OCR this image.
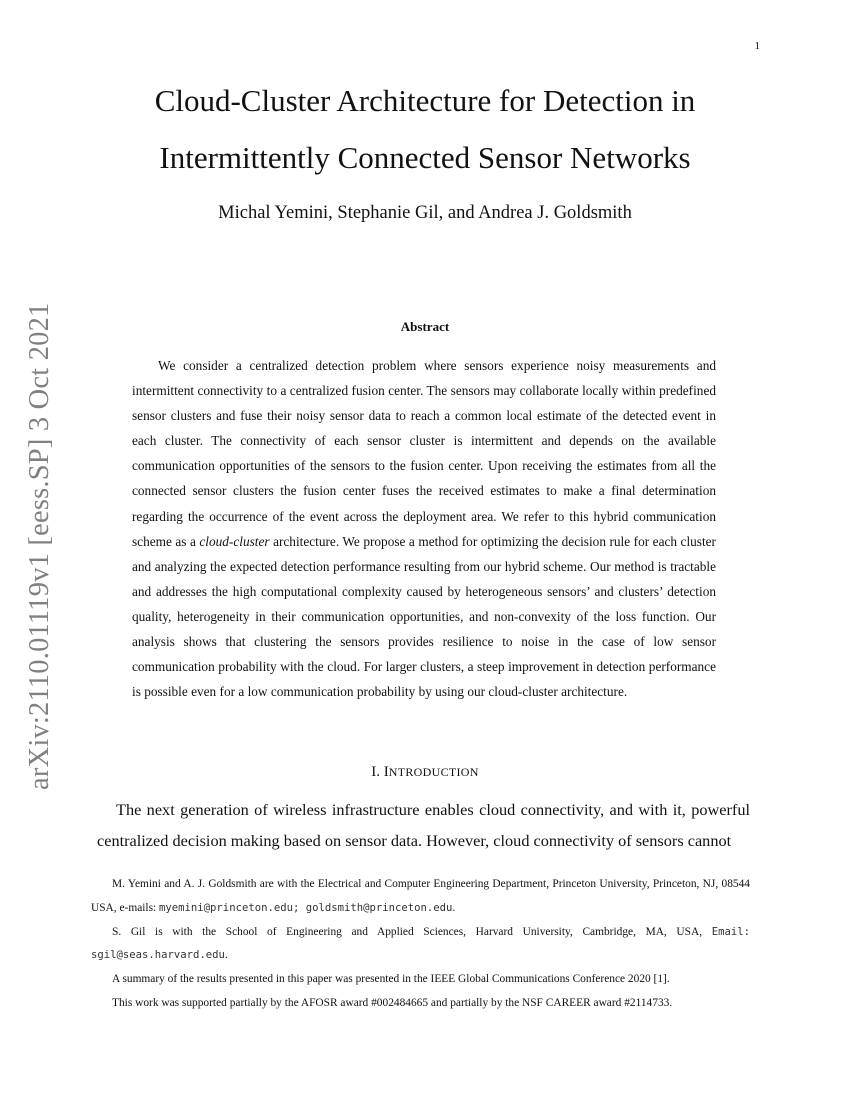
1
arXiv:2110.01119v1 [eess.SP] 3 Oct 2021
Cloud-Cluster Architecture for Detection in
Intermittently Connected Sensor Networks
Michal Yemini, Stephanie Gil, and Andrea J. Goldsmith
Abstract
We consider a centralized detection problem where sensors experience noisy measurements and intermittent connectivity to a centralized fusion center. The sensors may collaborate locally within predefined sensor clusters and fuse their noisy sensor data to reach a common local estimate of the detected event in each cluster. The connectivity of each sensor cluster is intermittent and depends on the available communication opportunities of the sensors to the fusion center. Upon receiving the estimates from all the connected sensor clusters the fusion center fuses the received estimates to make a final determination regarding the occurrence of the event across the deployment area. We refer to this hybrid communication scheme as a cloud-cluster architecture. We propose a method for optimizing the decision rule for each cluster and analyzing the expected detection performance resulting from our hybrid scheme. Our method is tractable and addresses the high computational complexity caused by heterogeneous sensors’ and clusters’ detection quality, heterogeneity in their communication opportunities, and non-convexity of the loss function. Our analysis shows that clustering the sensors provides resilience to noise in the case of low sensor communication probability with the cloud. For larger clusters, a steep improvement in detection performance is possible even for a low communication probability by using our cloud-cluster architecture.
I. INTRODUCTION
The next generation of wireless infrastructure enables cloud connectivity, and with it, powerful centralized decision making based on sensor data. However, cloud connectivity of sensors cannot

M. Yemini and A. J. Goldsmith are with the Electrical and Computer Engineering Department, Princeton University, Princeton, NJ, 08544 USA, e-mails: myemini@princeton.edu; goldsmith@princeton.edu.

S. Gil is with the School of Engineering and Applied Sciences, Harvard University, Cambridge, MA, USA, Email: sgil@seas.harvard.edu.

A summary of the results presented in this paper was presented in the IEEE Global Communications Conference 2020 [1].

This work was supported partially by the AFOSR award #002484665 and partially by the NSF CAREER award #2114733.
